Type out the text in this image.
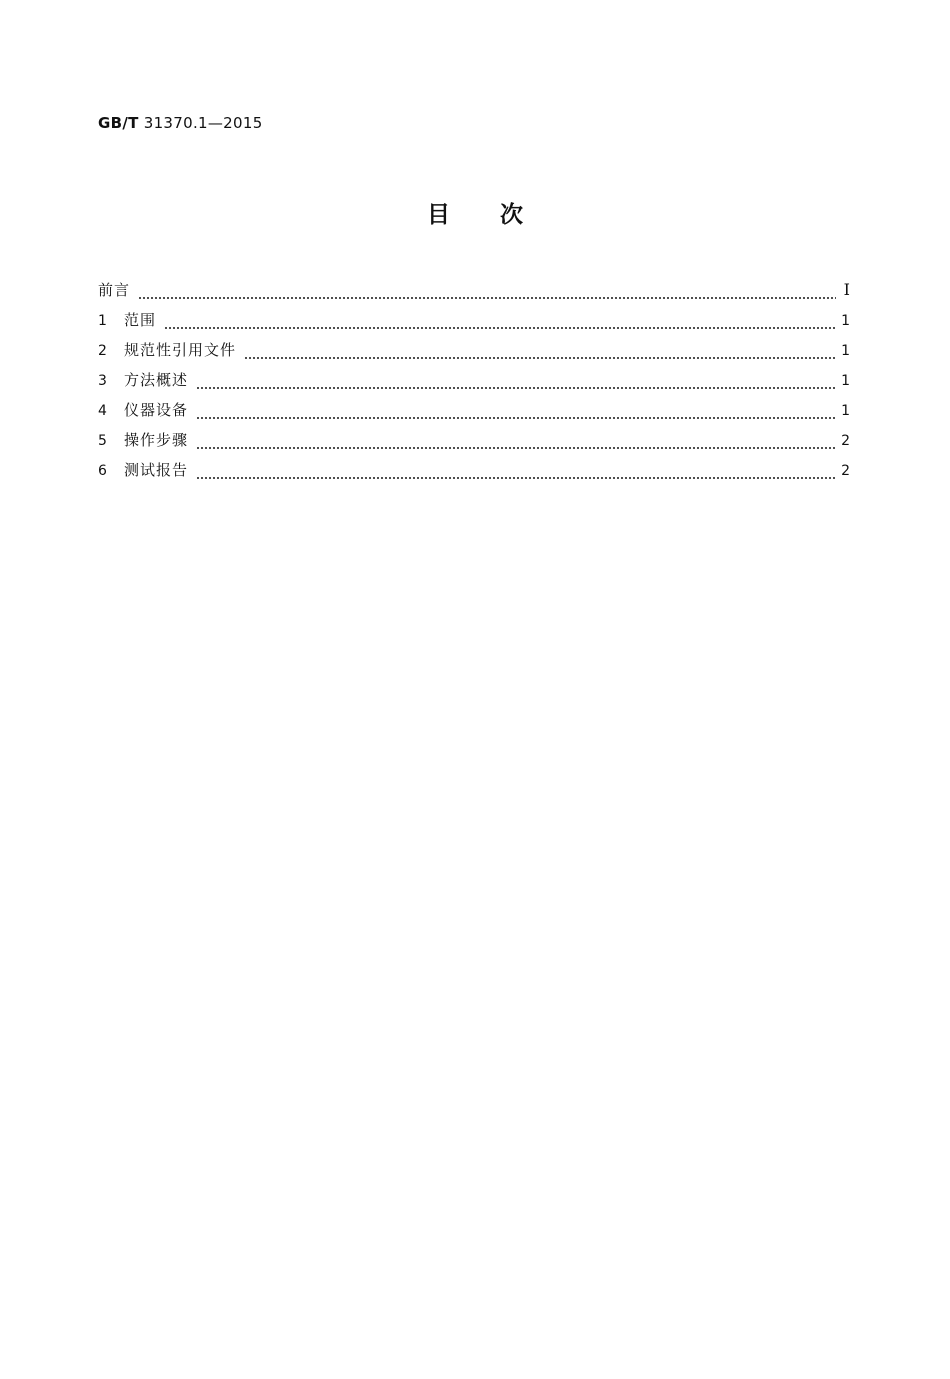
GB/T 31370.1—2015
目次
前言	Ⅰ
1	范围	1
2	规范性引用文件	1
3	方法概述	1
4	仪器设备	1
5	操作步骤	2
6	测试报告	2
